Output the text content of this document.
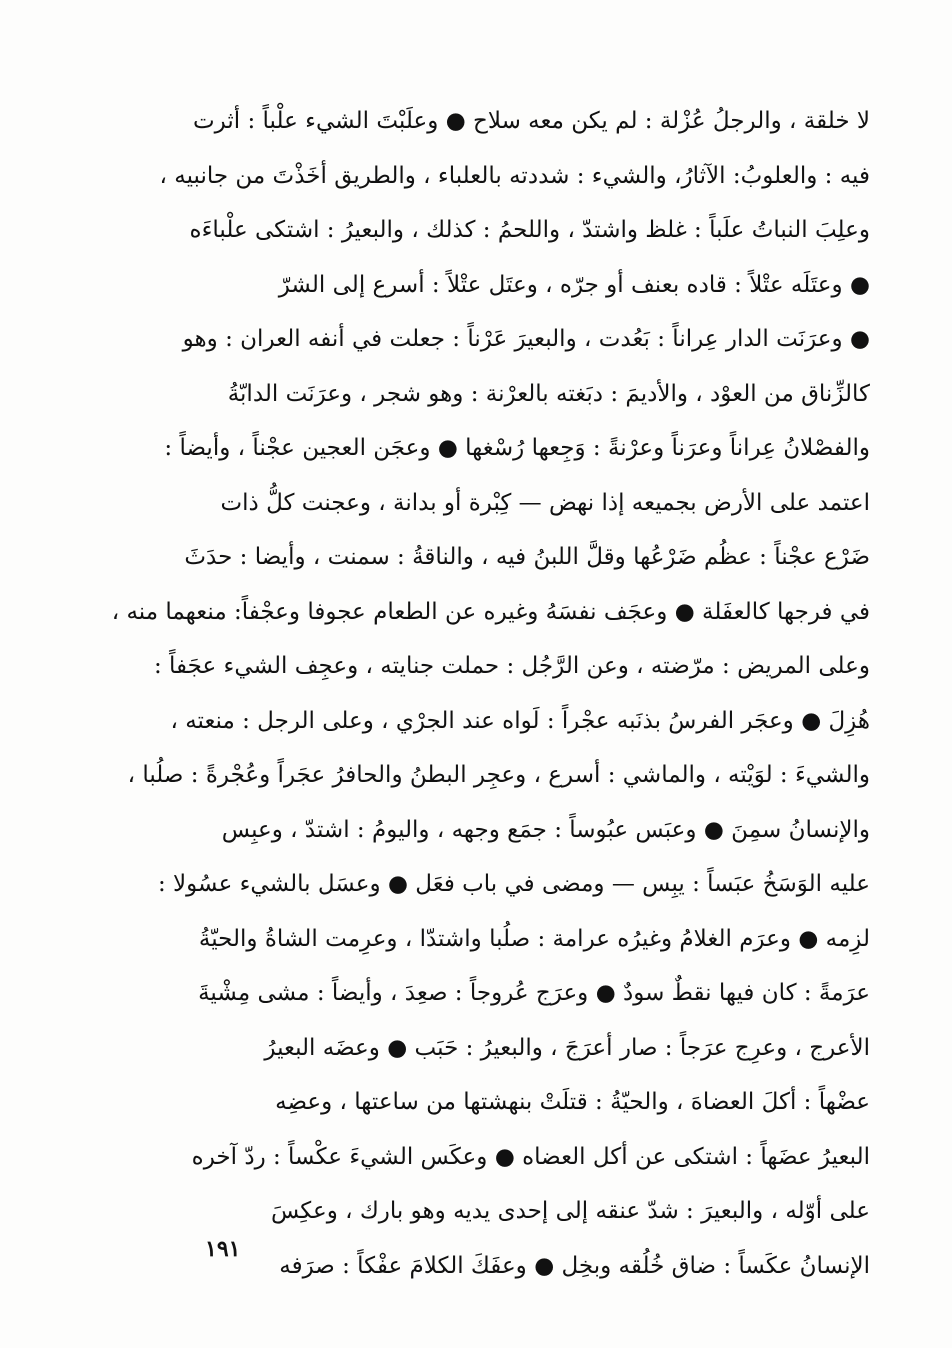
لا خلقة ، والرجلُ عُزْلة : لم يكن معه سلاح ● وعلَبْتَ الشيء علْباً : أثرت
فيه : والعلوبُ: الآثارُ، والشيء : شددته بالعلباء ، والطريق أخَذْتَ من جانبيه ،
وعلِبَ النباتُ علَباً : غلظ واشتدّ ، واللحمُ : كذلك ، والبعيرُ : اشتكى علْباءَه
● وعتَلَه عتْلاً : قاده بعنف أو جرّه ، وعتَل عتْلاً : أسرع إلى الشرّ
● وعرَنَت الدار عِراناً : بَعُدت ، والبعيرَ عَرْناً : جعلت في أنفه العران : وهو
كالزِّناق من العوْد ، والأديمَ : دبَغته بالعرْنة : وهو شجر ، وعرَنَت الدابّةُ
والفصْلانُ عِراناً وعرَناً وعرْنةً : وَجِعها رُسْغها ● وعجَن العجين عجْناً ، وأيضاً :
اعتمد على الأرض بجميعه إذا نهض — كِبْرة أو بدانة ، وعجنت كلُّ ذات
ضَرْع عجْناً : عظُم ضَرْعُها وقلَّ اللبنُ فيه ، والناقةُ : سمنت ، وأيضا : حدَثَ
في فرجها كالعفَلة ● وعجَف نفسَهُ وغيره عن الطعام عجوفا وعجْفاً: منعهما منه ،
وعلى المريض : مرّضته ، وعن الرَّجُل : حملت جنايته ، وعجِف الشيء عجَفاً :
هُزِلَ ● وعجَر الفرسُ بذنَبه عجْراً : لَواه عند الجرْي ، وعلى الرجل : منعته ،
والشيءَ : لوَيْته ، والماشي : أسرع ، وعجِر البطنُ والحافرُ عجَراً وعُجْرةً : صلُبا ،
والإنسانُ سمِنَ ● وعبَس عبُوساً : جمَع وجهه ، واليومُ : اشتدّ ، وعبِس
عليه الوَسَخُ عبَساً : يبِس — ومضى في باب فعَل ● وعسَل بالشيء عسُولا :
لزِمه ● وعرَم الغلامُ وغيرُه عرامة : صلُبا واشتدّا ، وعرِمت الشاةُ والحيّةُ
عرَمةً : كان فيها نقطٌ سودٌ ● وعرَج عُروجاً : صعِدَ ، وأيضاً : مشى مِشْيةَ
الأعرج ، وعرِج عرَجاً : صار أعرَجَ ، والبعيرُ : حَبَب ● وعضَه البعيرُ
عضْهاً : أكلَ العضاهَ ، والحيّةُ : قتلَتْ بنهشتها من ساعتها ، وعضِه
البعيرُ عضَهاً : اشتكى عن أكل العضاه ● وعكَس الشيءَ عكْساً : ردّ آخره
على أوّله ، والبعيرَ : شدّ عنقه إلى إحدى يديه وهو بارك ، وعكِسَ
الإنسانُ عكَساً : ضاق خُلُقه وبخِل ● وعفَكَ الكلامَ عفْكاً : صرَفه
١٩١
